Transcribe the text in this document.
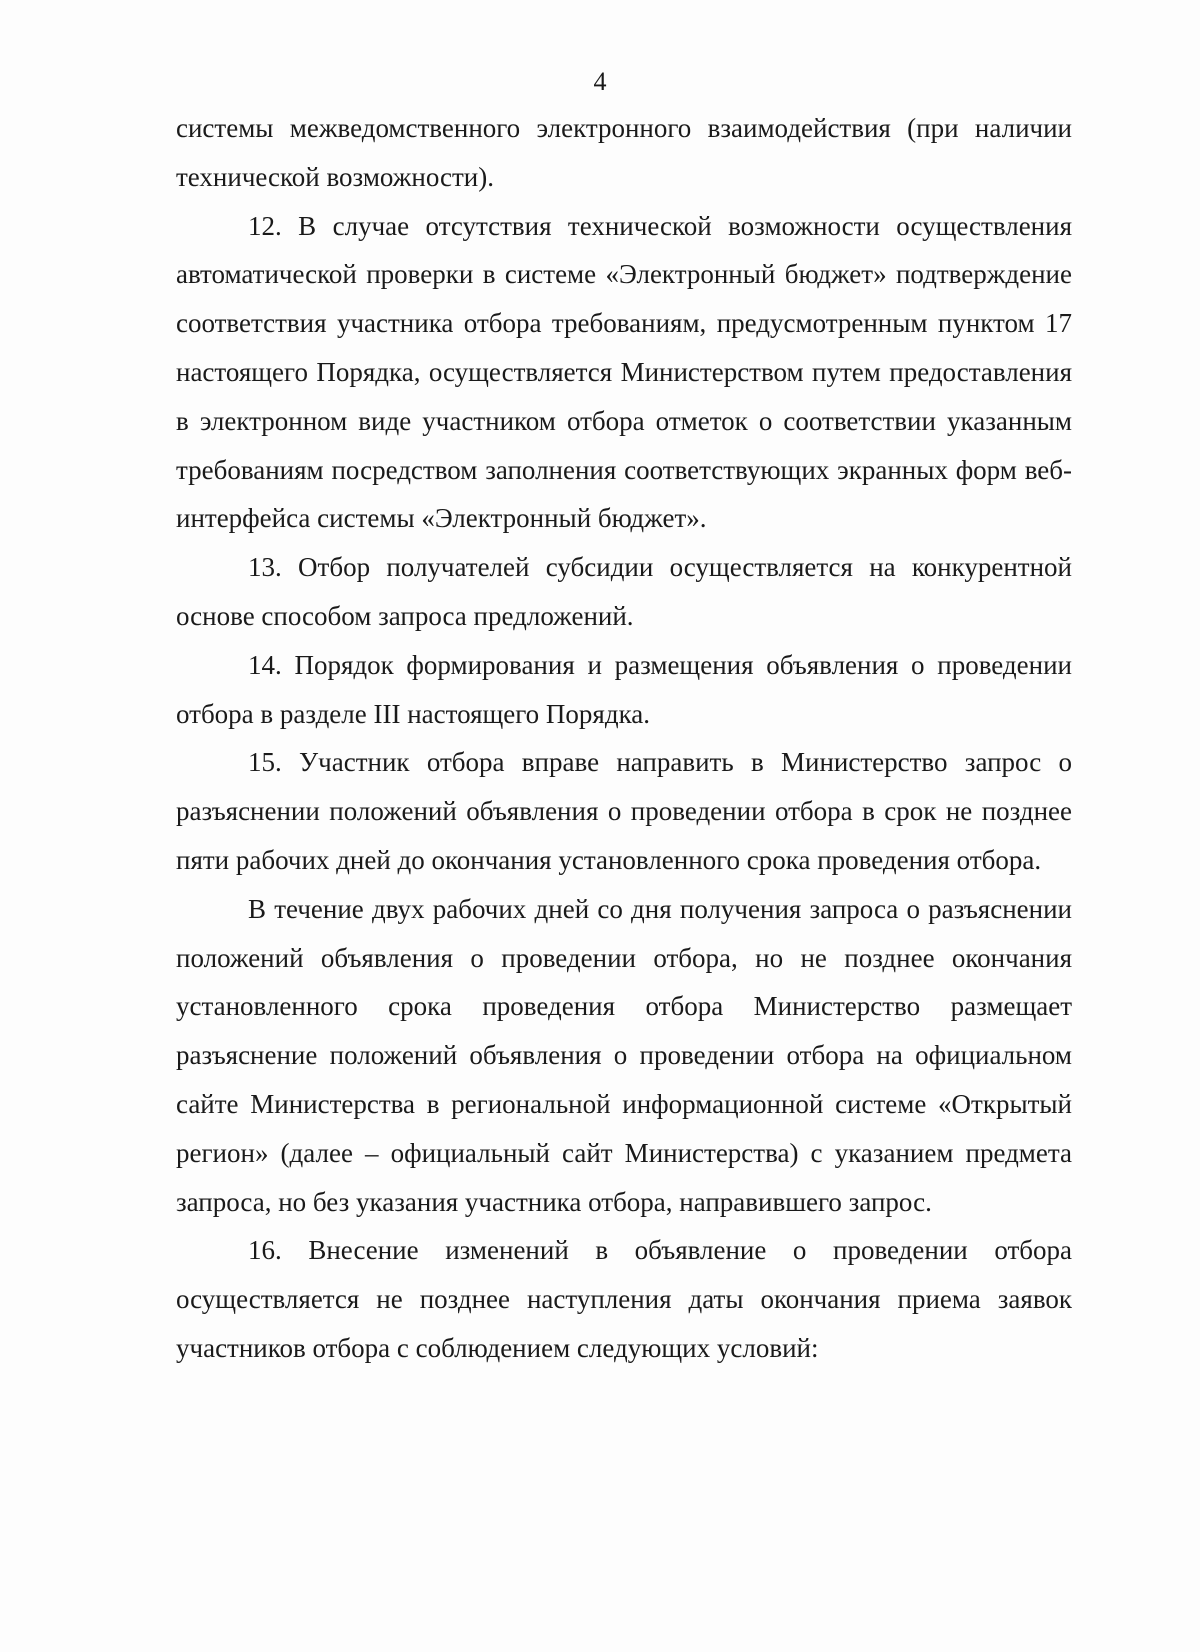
4

системы межведомственного электронного взаимодействия (при наличии технической возможности).

12. В случае отсутствия технической возможности осуществления автоматической проверки в системе «Электронный бюджет» подтверждение соответствия участника отбора требованиям, предусмотренным пунктом 17 настоящего Порядка, осуществляется Министерством путем предоставления в электронном виде участником отбора отметок о соответствии указанным требованиям посредством заполнения соответствующих экранных форм веб-интерфейса системы «Электронный бюджет».

13. Отбор получателей субсидии осуществляется на конкурентной основе способом запроса предложений.

14. Порядок формирования и размещения объявления о проведении отбора в разделе III настоящего Порядка.

15. Участник отбора вправе направить в Министерство запрос о разъяснении положений объявления о проведении отбора в срок не позднее пяти рабочих дней до окончания установленного срока проведения отбора.

В течение двух рабочих дней со дня получения запроса о разъяснении положений объявления о проведении отбора, но не позднее окончания установленного срока проведения отбора Министерство размещает разъяснение положений объявления о проведении отбора на официальном сайте Министерства в региональной информационной системе «Открытый регион» (далее – официальный сайт Министерства) с указанием предмета запроса, но без указания участника отбора, направившего запрос.

16. Внесение изменений в объявление о проведении отбора осуществляется не позднее наступления даты окончания приема заявок участников отбора с соблюдением следующих условий:
